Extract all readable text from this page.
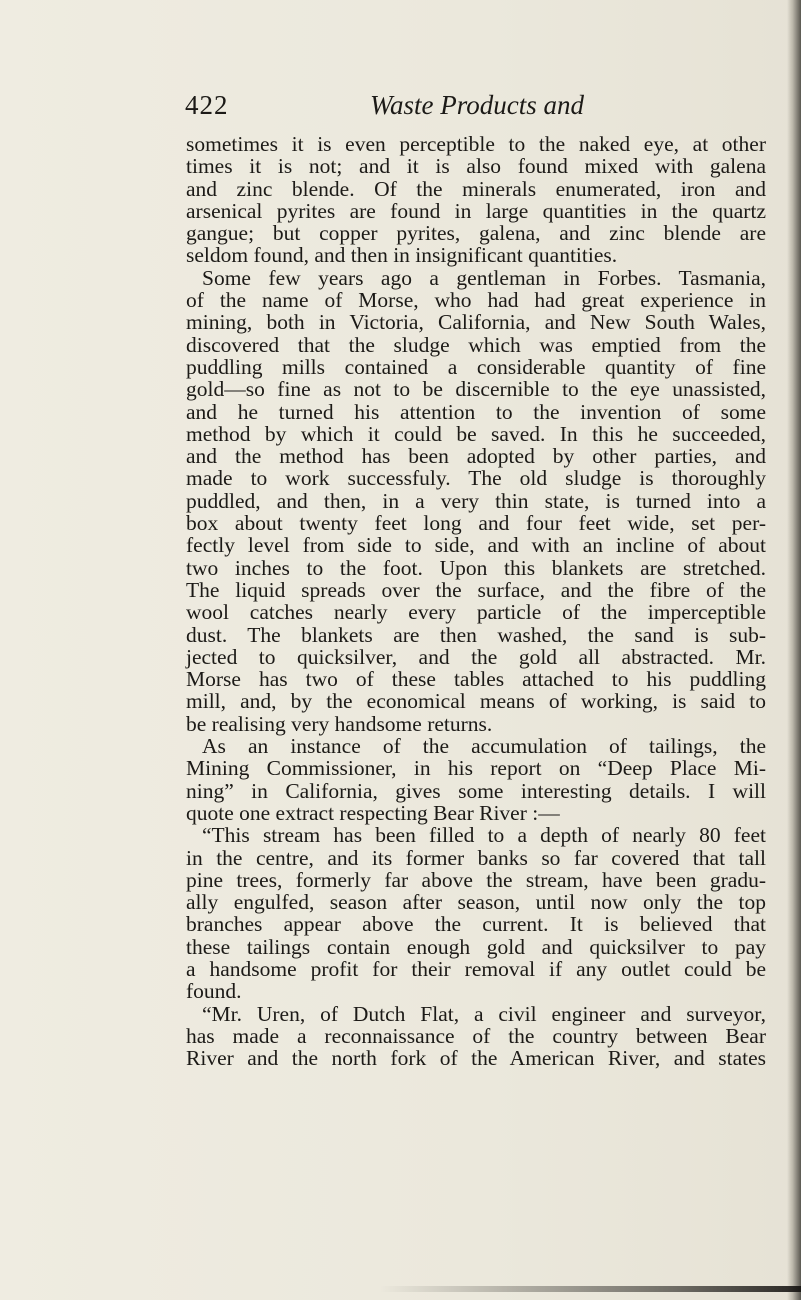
422	Waste Products and
sometimes it is even perceptible to the naked eye, at other
times it is not; and it is also found mixed with galena
and zinc blende. Of the minerals enumerated, iron and
arsenical pyrites are found in large quantities in the quartz
gangue; but copper pyrites, galena, and zinc blende are
seldom found, and then in insignificant quantities.
Some few years ago a gentleman in Forbes. Tasmania,
of the name of Morse, who had had great experience in
mining, both in Victoria, California, and New South Wales,
discovered that the sludge which was emptied from the
puddling mills contained a considerable quantity of fine
gold—so fine as not to be discernible to the eye unassisted,
and he turned his attention to the invention of some
method by which it could be saved. In this he succeeded,
and the method has been adopted by other parties, and
made to work successfuly. The old sludge is thoroughly
puddled, and then, in a very thin state, is turned into a
box about twenty feet long and four feet wide, set per-
fectly level from side to side, and with an incline of about
two inches to the foot. Upon this blankets are stretched.
The liquid spreads over the surface, and the fibre of the
wool catches nearly every particle of the imperceptible
dust. The blankets are then washed, the sand is sub-
jected to quicksilver, and the gold all abstracted. Mr.
Morse has two of these tables attached to his puddling
mill, and, by the economical means of working, is said to
be realising very handsome returns.
As an instance of the accumulation of tailings, the
Mining Commissioner, in his report on “Deep Place Mi-
ning” in California, gives some interesting details. I will
quote one extract respecting Bear River :—
“This stream has been filled to a depth of nearly 80 feet
in the centre, and its former banks so far covered that tall
pine trees, formerly far above the stream, have been gradu-
ally engulfed, season after season, until now only the top
branches appear above the current. It is believed that
these tailings contain enough gold and quicksilver to pay
a handsome profit for their removal if any outlet could be
found.
“Mr. Uren, of Dutch Flat, a civil engineer and surveyor,
has made a reconnaissance of the country between Bear
River and the north fork of the American River, and states
